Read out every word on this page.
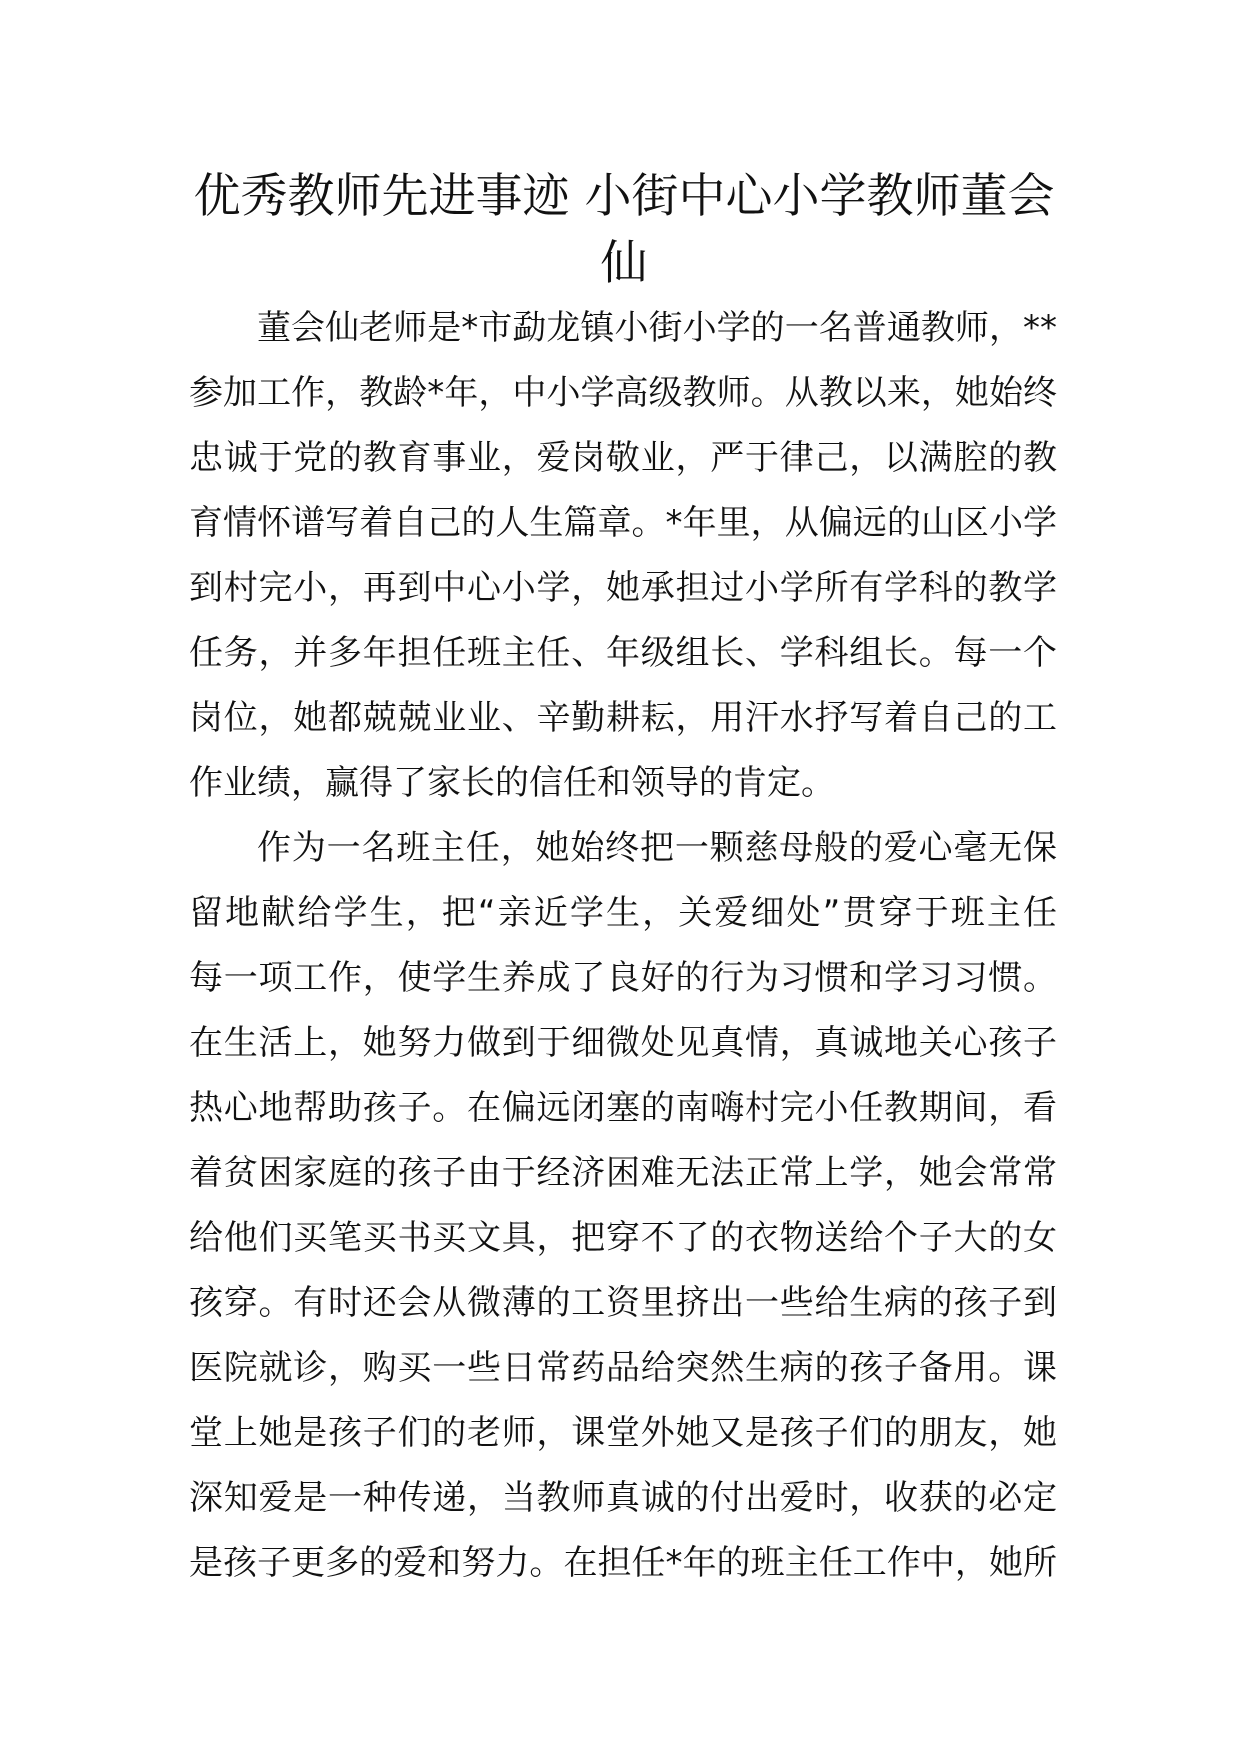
优秀教师先进事迹 小街中心小学教师董会
仙
董会仙老师是*市勐龙镇小街小学的一名普通教师，**
参加工作，教龄*年，中小学高级教师。从教以来，她始终
忠诚于党的教育事业，爱岗敬业，严于律己，以满腔的教
育情怀谱写着自己的人生篇章。*年里，从偏远的山区小学
到村完小，再到中心小学，她承担过小学所有学科的教学
任务，并多年担任班主任、年级组长、学科组长。每一个
岗位，她都兢兢业业、辛勤耕耘，用汗水抒写着自己的工
作业绩，赢得了家长的信任和领导的肯定。
作为一名班主任，她始终把一颗慈母般的爱心毫无保
留地献给学生，把“亲近学生，关爱细处”贯穿于班主任
每一项工作，使学生养成了良好的行为习惯和学习习惯。
在生活上，她努力做到于细微处见真情，真诚地关心孩子
热心地帮助孩子。在偏远闭塞的南嗨村完小任教期间，看
着贫困家庭的孩子由于经济困难无法正常上学，她会常常
给他们买笔买书买文具，把穿不了的衣物送给个子大的女
孩穿。有时还会从微薄的工资里挤出一些给生病的孩子到
医院就诊，购买一些日常药品给突然生病的孩子备用。课
堂上她是孩子们的老师，课堂外她又是孩子们的朋友，她
深知爱是一种传递，当教师真诚的付出爱时，收获的必定
是孩子更多的爱和努力。在担任*年的班主任工作中，她所
